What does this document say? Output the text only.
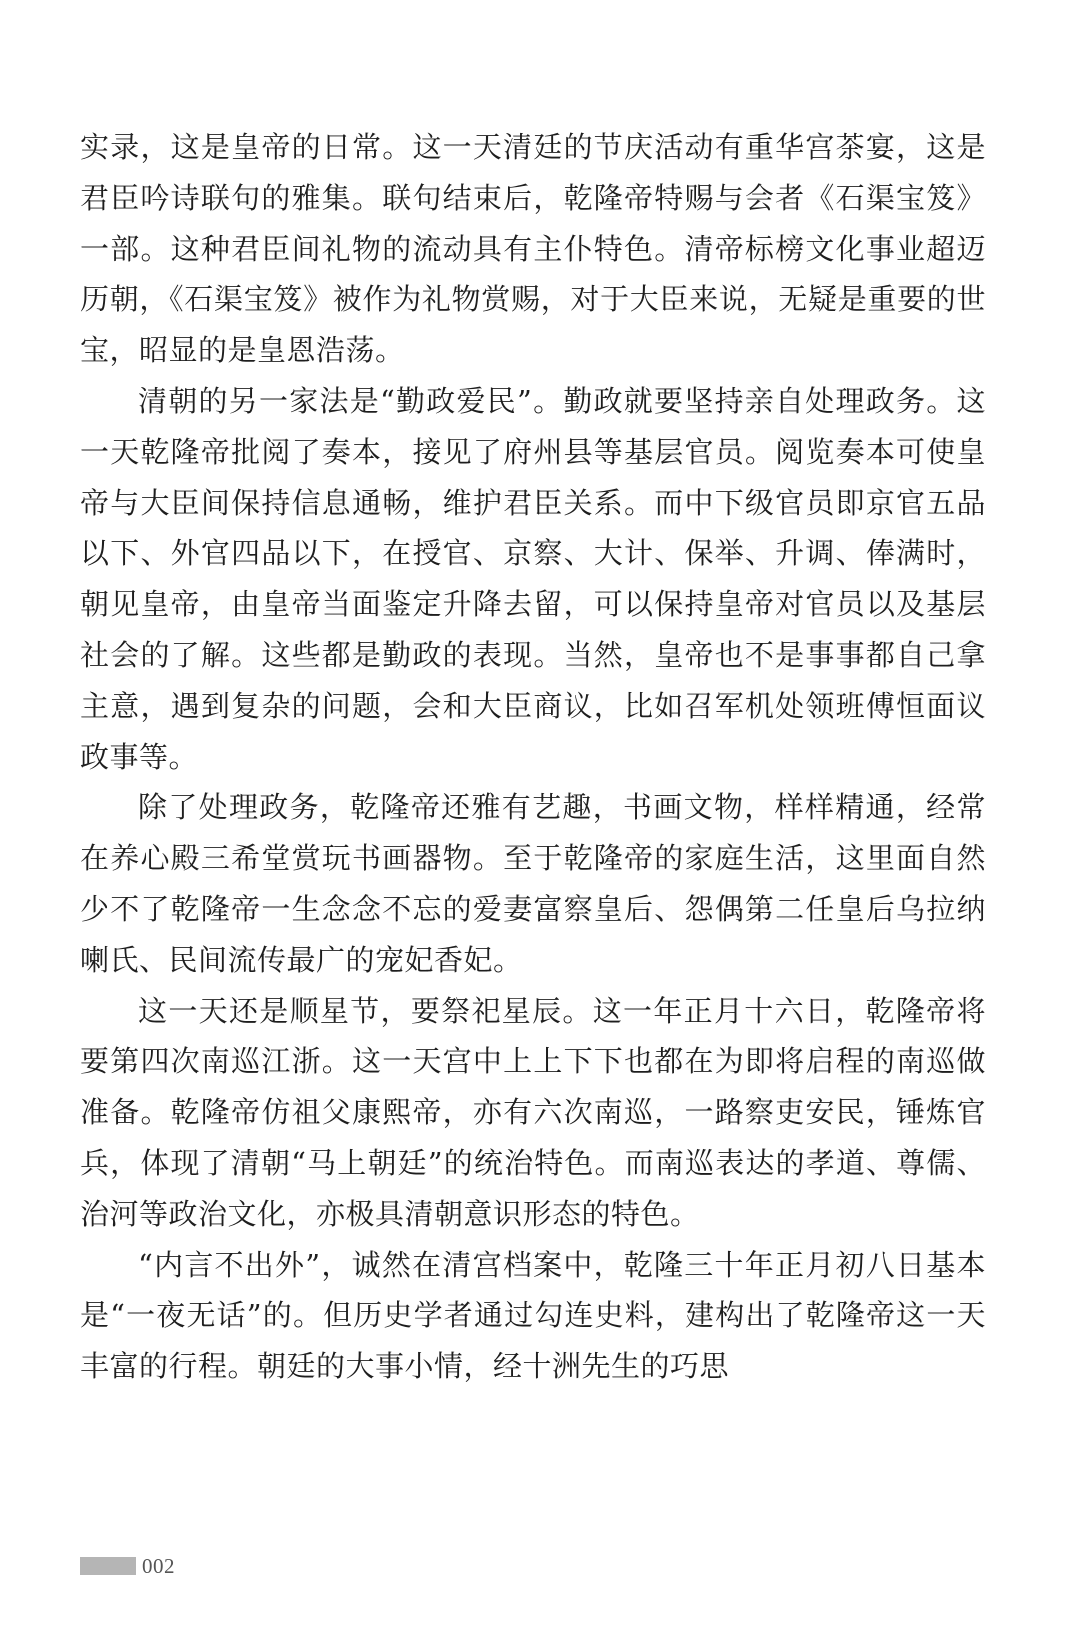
实录，这是皇帝的日常。这一天清廷的节庆活动有重华宫茶宴，这是君臣吟诗联句的雅集。联句结束后，乾隆帝特赐与会者《石渠宝笈》一部。这种君臣间礼物的流动具有主仆特色。清帝标榜文化事业超迈历朝，《石渠宝笈》被作为礼物赏赐，对于大臣来说，无疑是重要的世宝，昭显的是皇恩浩荡。

清朝的另一家法是“勤政爱民”。勤政就要坚持亲自处理政务。这一天乾隆帝批阅了奏本，接见了府州县等基层官员。阅览奏本可使皇帝与大臣间保持信息通畅，维护君臣关系。而中下级官员即京官五品以下、外官四品以下，在授官、京察、大计、保举、升调、俸满时，朝见皇帝，由皇帝当面鉴定升降去留，可以保持皇帝对官员以及基层社会的了解。这些都是勤政的表现。当然，皇帝也不是事事都自己拿主意，遇到复杂的问题，会和大臣商议，比如召军机处领班傅恒面议政事等。

除了处理政务，乾隆帝还雅有艺趣，书画文物，样样精通，经常在养心殿三希堂赏玩书画器物。至于乾隆帝的家庭生活，这里面自然少不了乾隆帝一生念念不忘的爱妻富察皇后、怨偶第二任皇后乌拉纳喇氏、民间流传最广的宠妃香妃。

这一天还是顺星节，要祭祀星辰。这一年正月十六日，乾隆帝将要第四次南巡江浙。这一天宫中上上下下也都在为即将启程的南巡做准备。乾隆帝仿祖父康熙帝，亦有六次南巡，一路察吏安民，锤炼官兵，体现了清朝“马上朝廷”的统治特色。而南巡表达的孝道、尊儒、治河等政治文化，亦极具清朝意识形态的特色。

“内言不出外”，诚然在清宫档案中，乾隆三十年正月初八日基本是“一夜无话”的。但历史学者通过勾连史料，建构出了乾隆帝这一天丰富的行程。朝廷的大事小情，经十洲先生的巧思

002
